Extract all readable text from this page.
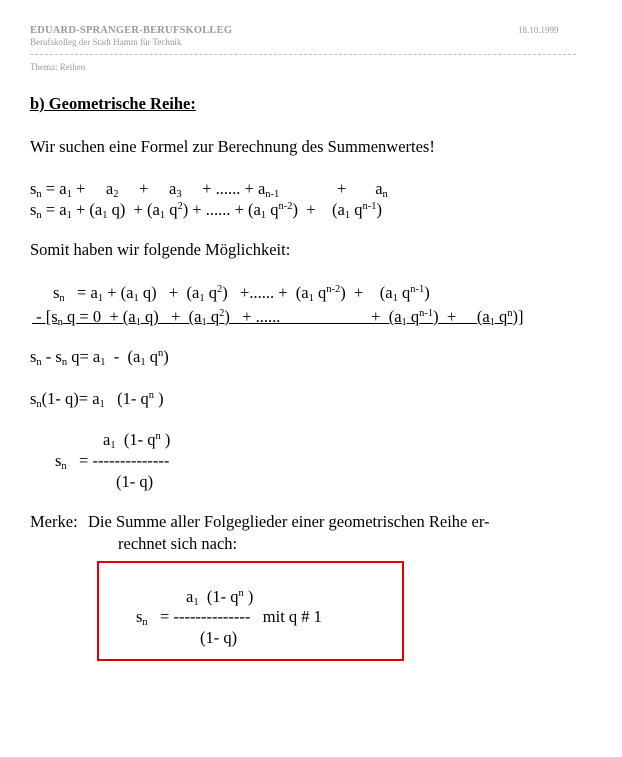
EDUARD-SPRANGER-BERUFSKOLLEG	18.10.1999
Berufskolleg der Stadt Hamm für Technik
Thema: Reihen
b) Geometrische Reihe:
Wir suchen eine Formel zur Berechnung des Summenwertes!
$s_n = a_1$ +     $a_2$     +     $a_3$     + ...... + $a_{n-1}$              +       $a_n$
$s_n = a_1 + (a_1$ $q) + (a_1$ $q^2$) + ...... + ($a_1$ $q^{n-2}$)  +    ($a_1$ $q^{n-1}$)
Somit haben wir folgende Möglichkeit:
$s_n = a_1 + (a_1$ $q) + (a_1$ $q^2$)   +...... +  ($a_1$ $q^{n-2}$)  +    ($a_1$ $q^{n-1}$)
- [$s_n$ $q = 0 + (a_1$ $q) + (a_1$ $q^2$)   + ......                      +  ($a_1$ $q^{n-1}$)  +     ($a_1$ $q^n$)]
$s_n - s_n$ $q= a_1 - (a_1$ $q^n$)
$s_n(1-$ $q)= a_1$   (1- $q^n$ )
$a_1$  (1- $q^n$ )
$s_n$   = --------------
(1- q)
Merke: Die Summe aller Folgeglieder einer geometrischen Reihe er-
rechnet sich nach:
$a_1$  (1- $q^n$ )
$s_n$   = -------------- mit q # 1
(1- q)
